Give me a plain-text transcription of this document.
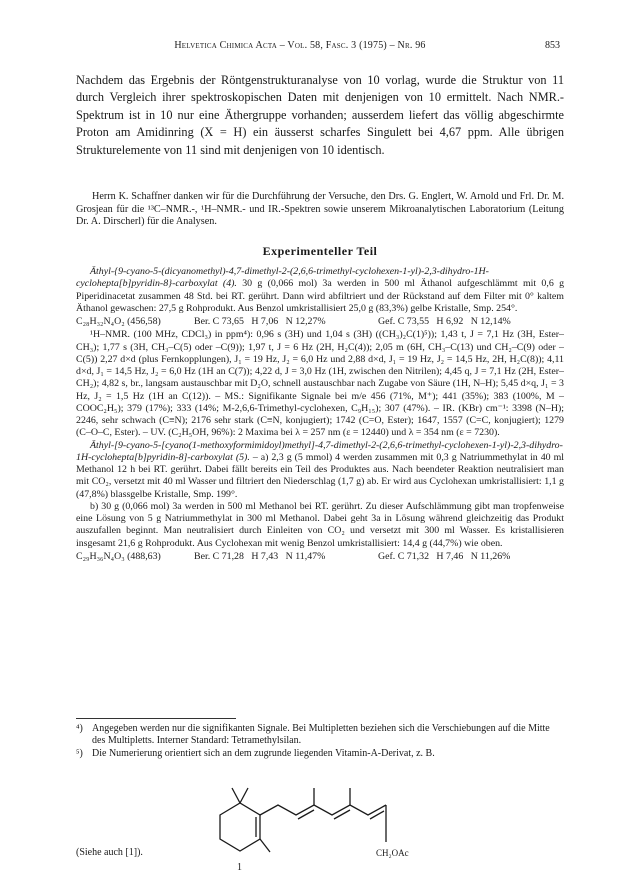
Helvetica Chimica Acta – Vol. 58, Fasc. 3 (1975) – Nr. 96	853
Nachdem das Ergebnis der Röntgenstrukturanalyse von 10 vorlag, wurde die Struktur von 11 durch Vergleich ihrer spektroskopischen Daten mit denjenigen von 10 ermittelt. Nach NMR.-Spektrum ist in 10 nur eine Äthergruppe vorhanden; ausserdem liefert das völlig abgeschirmte Proton am Amidinring (X = H) ein äusserst scharfes Singulett bei 4,67 ppm. Alle übrigen Strukturelemente von 11 sind mit denjenigen von 10 identisch.
Herrn K. Schaffner danken wir für die Durchführung der Versuche, den Drs. G. Englert, W. Arnold und Frl. Dr. M. Grosjean für die ¹³C–NMR.-, ¹H–NMR.- und IR.-Spektren sowie unserem Mikroanalytischen Laboratorium (Leitung Dr. A. Dirscherl) für die Analysen.
Experimenteller Teil

Äthyl-{9-cyano-5-(dicyanomethyl)-4,7-dimethyl-2-(2,6,6-trimethyl-cyclohexen-1-yl)-2,3-dihydro-1H-cyclohepta[b]pyridin-8}-carboxylat (4). 30 g (0,066 mol) 3a werden in 500 ml Äthanol aufgeschlämmt mit 0,6 g Piperidinacetat zusammen 48 Std. bei RT. gerührt. Dann wird abfiltriert und der Rückstand auf dem Filter mit 0° kaltem Äthanol gewaschen: 27,5 g Rohprodukt. Aus Benzol umkristallisiert 25,0 g (83,3%) gelbe Kristalle, Smp. 254°.

C₂₈H₃₂N₄O₂ (456,58)	Ber. C 73,65   H 7,06   N 12,27%	Gef. C 73,55   H 6,92   N 12,14%

¹H–NMR. (100 MHz, CDCl₃) in ppm⁴): 0,96 s (3H) und 1,04 s (3H) ((CH₃)₂C(1)⁵)); 1,43 t, J = 7,1 Hz (3H, Ester–CH₃); 1,77 s (3H, CH₃–C(5) oder –C(9)); 1,97 t, J = 6 Hz (2H, H₂C(4)); 2,05 m (6H, CH₃–C(13) und CH₂–C(9) oder –C(5)) 2,27 d×d (plus Fernkopplungen), J₁ = 19 Hz, J₂ = 6,0 Hz und 2,88 d×d, J₁ = 19 Hz, J₂ = 14,5 Hz, 2H, H₂C(8)); 4,11 d×d, J₁ = 14,5 Hz, J₂ = 6,0 Hz (1H an C(7)); 4,22 d, J = 3,0 Hz (1H, zwischen den Nitrilen); 4,45 q, J = 7,1 Hz (2H, Ester–CH₂); 4,82 s, br., langsam austauschbar mit D₂O, schnell austauschbar nach Zugabe von Säure (1H, N–H); 5,45 d×q, J₁ = 3 Hz, J₂ = 1,5 Hz (1H an C(12)). – MS.: Signifikante Signale bei m/e 456 (71%, M⁺); 441 (35%); 383 (100%, M – COOC₂H₅); 379 (17%); 333 (14%; M-2,6,6-Trimethyl-cyclohexen, C₉H₁₅); 307 (47%). – IR. (KBr) cm⁻¹: 3398 (N–H); 2246, sehr schwach (C≡N); 2176 sehr stark (C≡N, konjugiert); 1742 (C=O, Ester); 1647, 1557 (C=C, konjugiert); 1279 (C–O–C, Ester). – UV. (C₂H₅OH, 96%): 2 Maxima bei λ = 257 nm (ε = 12440) und λ = 354 nm (ε = 7230).

Äthyl-[9-cyano-5-[cyano(1-methoxyformimidoyl)methyl]-4,7-dimethyl-2-(2,6,6-trimethyl-cyclohexen-1-yl)-2,3-dihydro-1H-cyclohepta[b]pyridin-8]-carboxylat (5). – a) 2,3 g (5 mmol) 4 werden zusammen mit 0,3 g Natriummethylat in 40 ml Methanol 12 h bei RT. gerührt. Dabei fällt bereits ein Teil des Produktes aus. Nach beendeter Reaktion neutralisiert man mit CO₂, versetzt mit 40 ml Wasser und filtriert den Niederschlag (1,7 g) ab. Er wird aus Cyclohexan umkristallisiert: 1,1 g (47,8%) blassgelbe Kristalle, Smp. 199°.

b) 30 g (0,066 mol) 3a werden in 500 ml Methanol bei RT. gerührt. Zu dieser Aufschlämmung gibt man tropfenweise eine Lösung von 5 g Natriummethylat in 300 ml Methanol. Dabei geht 3a in Lösung während gleichzeitig das Produkt auszufallen beginnt. Man neutralisiert durch Einleiten von CO₂ und versetzt mit 300 ml Wasser. Es kristallisieren insgesamt 21,6 g Rohprodukt. Aus Cyclohexan mit wenig Benzol umkristallisiert: 14,4 g (44,7%) wie oben.

C₂₉H₃₆N₄O₃ (488,63)	Ber. C 71,28   H 7,43   N 11,47%	Gef. C 71,32   H 7,46   N 11,26%
⁴) Angegeben werden nur die signifikanten Signale. Bei Multipletten beziehen sich die Verschiebungen auf die Mitte des Multipletts. Interner Standard: Tetramethylsilan.
⁵) Die Numerierung orientiert sich an dem zugrunde liegenden Vitamin-A-Derivat, z. B.
1
CH₂OAc
(Siehe auch [1]).
